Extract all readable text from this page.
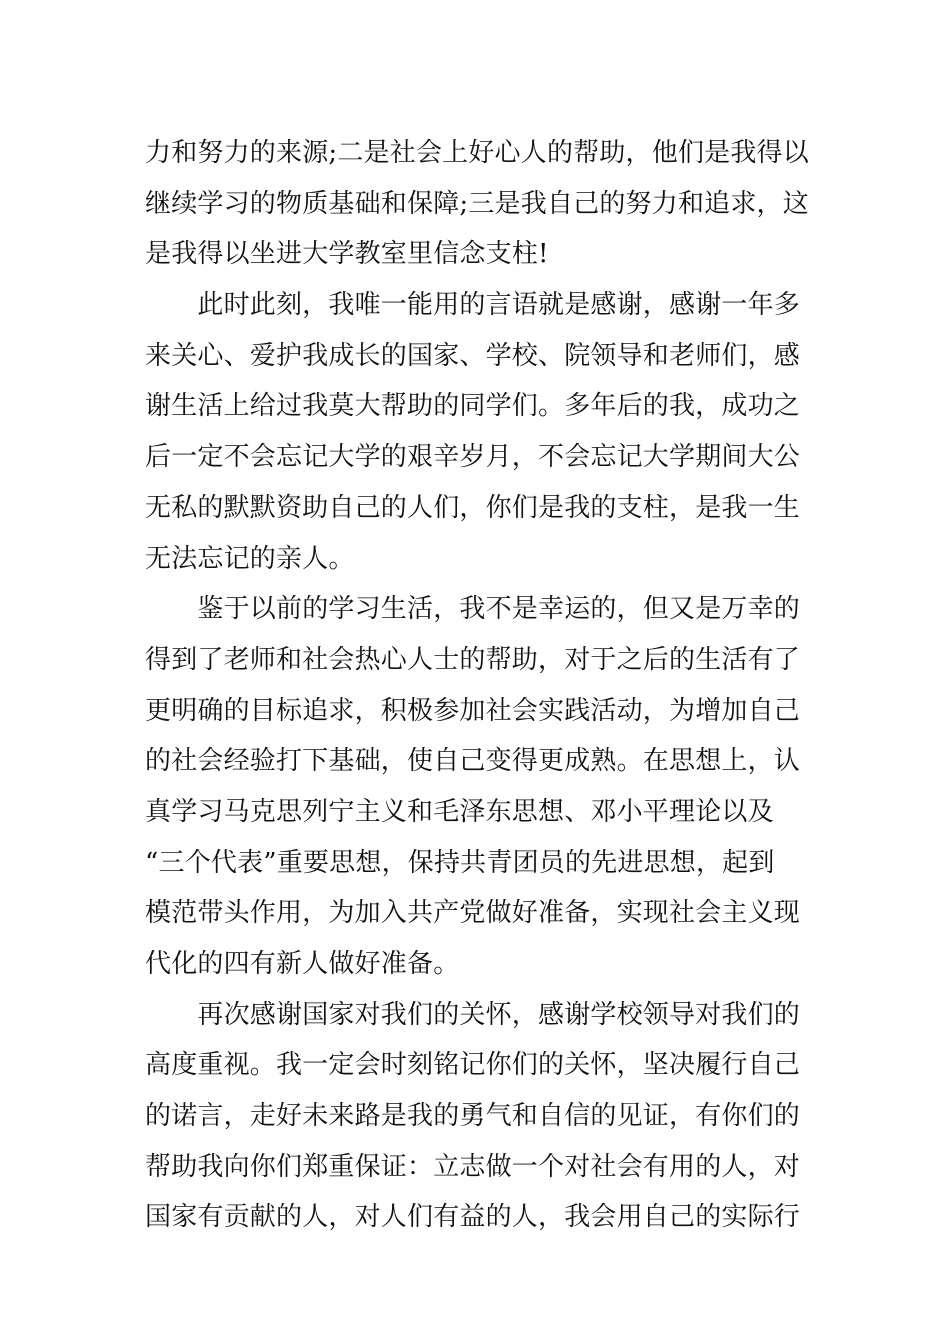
力和努力的来源;二是社会上好心人的帮助，他们是我得以
继续学习的物质基础和保障;三是我自己的努力和追求，这
是我得以坐进大学教室里信念支柱!
　　此时此刻，我唯一能用的言语就是感谢，感谢一年多
来关心、爱护我成长的国家、学校、院领导和老师们，感
谢生活上给过我莫大帮助的同学们。多年后的我，成功之
后一定不会忘记大学的艰辛岁月，不会忘记大学期间大公
无私的默默资助自己的人们，你们是我的支柱，是我一生
无法忘记的亲人。
　　鉴于以前的学习生活，我不是幸运的，但又是万幸的
得到了老师和社会热心人士的帮助，对于之后的生活有了
更明确的目标追求，积极参加社会实践活动，为增加自己
的社会经验打下基础，使自己变得更成熟。在思想上，认
真学习马克思列宁主义和毛泽东思想、邓小平理论以及
“三个代表”重要思想，保持共青团员的先进思想，起到
模范带头作用，为加入共产党做好准备，实现社会主义现
代化的四有新人做好准备。
　　再次感谢国家对我们的关怀，感谢学校领导对我们的
高度重视。我一定会时刻铭记你们的关怀，坚决履行自己
的诺言，走好未来路是我的勇气和自信的见证，有你们的
帮助我向你们郑重保证：立志做一个对社会有用的人，对
国家有贡献的人，对人们有益的人，我会用自己的实际行
